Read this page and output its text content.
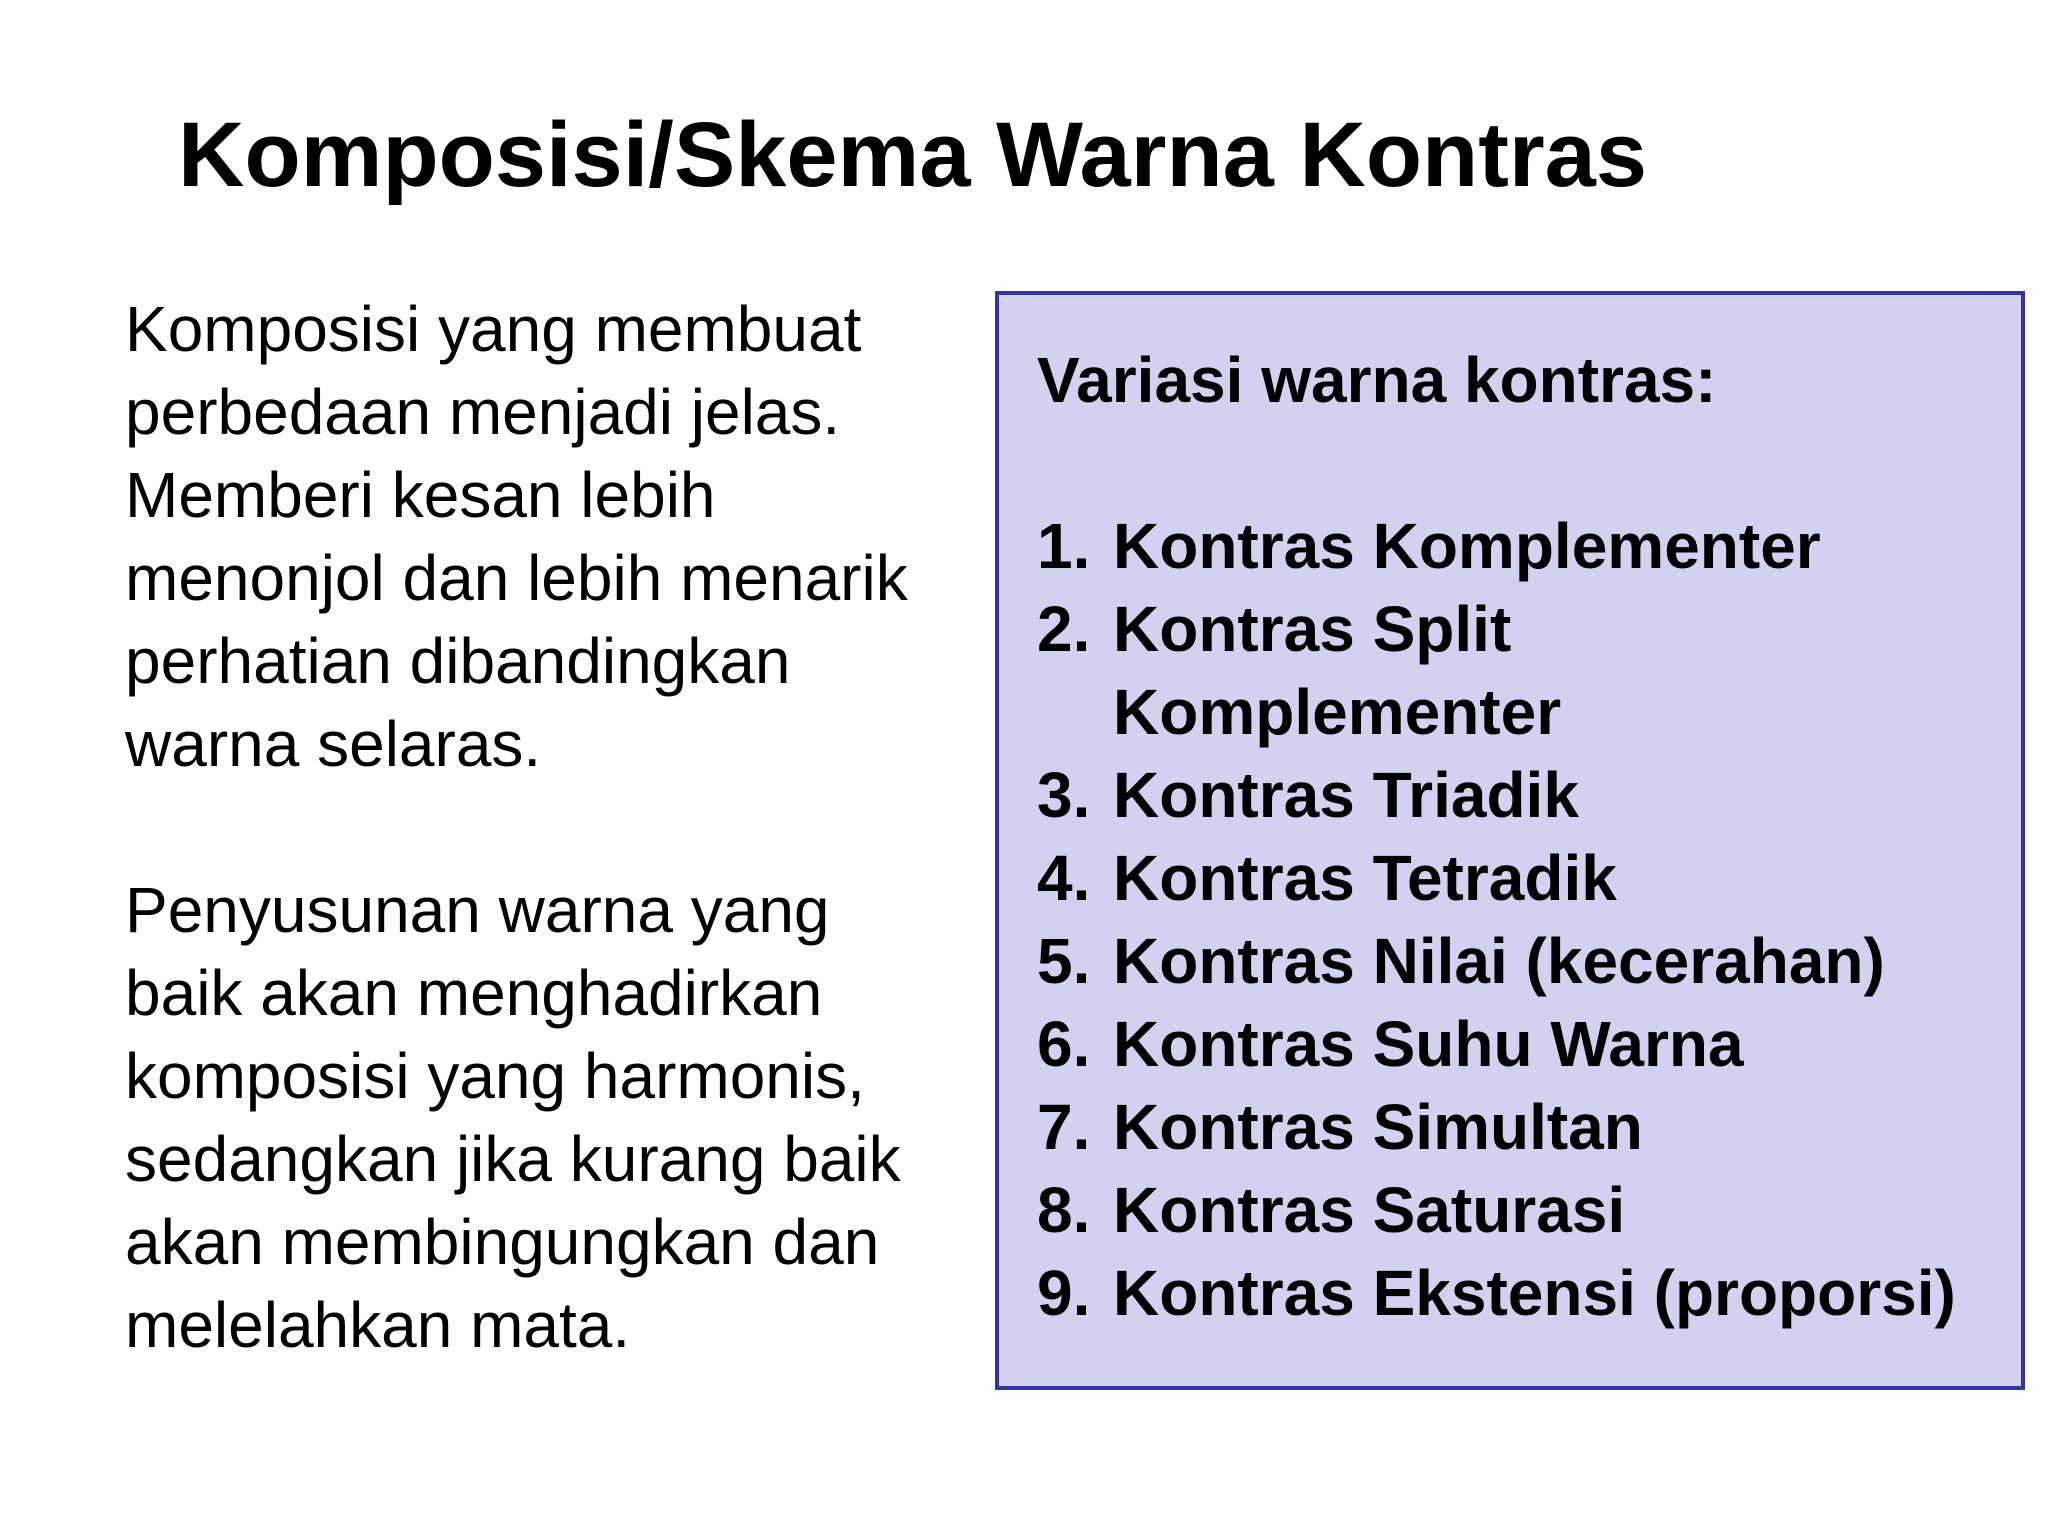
Komposisi/Skema Warna Kontras

Komposisi yang membuat
perbedaan menjadi jelas.
Memberi kesan lebih
menonjol dan lebih menarik
perhatian dibandingkan
warna selaras.

Penyusunan warna yang
baik akan menghadirkan
komposisi yang harmonis,
sedangkan jika kurang baik
akan membingungkan dan
melelahkan mata.

Variasi warna kontras:
1. Kontras Komplementer
2. Kontras Split
Komplementer
3. Kontras Triadik
4. Kontras Tetradik
5. Kontras Nilai (kecerahan)
6. Kontras Suhu Warna
7. Kontras Simultan
8. Kontras Saturasi
9. Kontras Ekstensi (proporsi)
